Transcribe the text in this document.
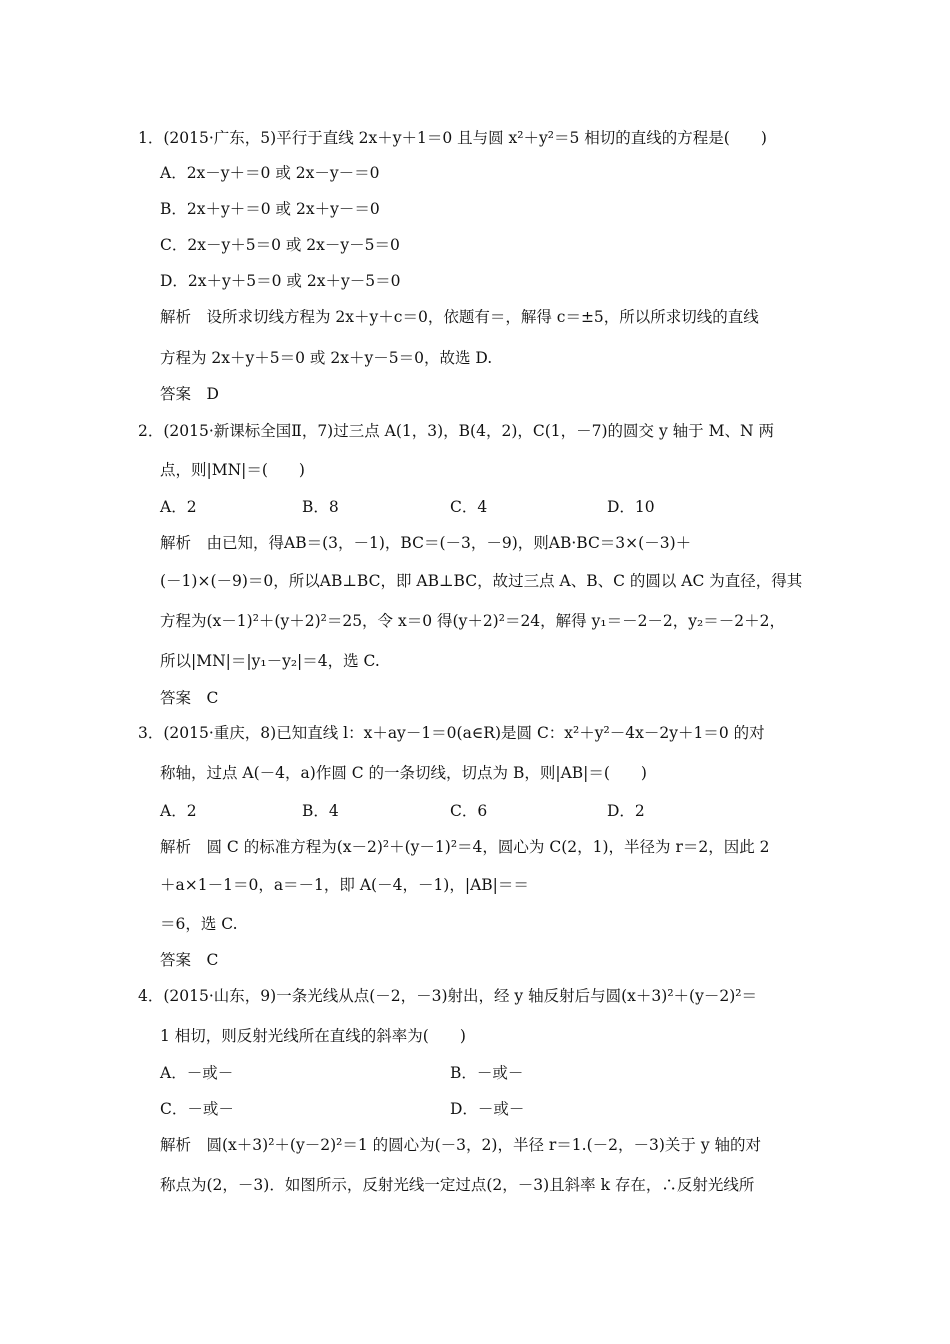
1．(2015·广东，5)平行于直线 2x＋y＋1＝0 且与圆 x²＋y²＝5 相切的直线的方程是(　　)
A．2x－y＋＝0 或 2x－y－＝0
B．2x＋y＋＝0 或 2x＋y－＝0
C．2x－y＋5＝0 或 2x－y－5＝0
D．2x＋y＋5＝0 或 2x＋y－5＝0
解析　设所求切线方程为 2x＋y＋c＝0，依题有＝，解得 c＝±5，所以所求切线的直线
方程为 2x＋y＋5＝0 或 2x＋y－5＝0，故选 D.
答案　D
2．(2015·新课标全国Ⅱ，7)过三点 A(1，3)，B(4，2)，C(1，－7)的圆交 y 轴于 M、N 两
点，则|MN|＝(　　)
A．2	B．8	C．4	D．10
解析　由已知，得AB＝(3，－1)，BC＝(－3，－9)，则AB·BC＝3×(－3)＋
(－1)×(－9)＝0，所以AB⊥BC，即 AB⊥BC，故过三点 A、B、C 的圆以 AC 为直径，得其
方程为(x－1)²＋(y＋2)²＝25，令 x＝0 得(y＋2)²＝24，解得 y₁＝－2－2，y₂＝－2＋2，
所以|MN|＝|y₁－y₂|＝4，选 C.
答案　C
3．(2015·重庆，8)已知直线 l：x＋ay－1＝0(a∈R)是圆 C：x²＋y²－4x－2y＋1＝0 的对
称轴，过点 A(－4，a)作圆 C 的一条切线，切点为 B，则|AB|＝(　　)
A．2	B．4	C．6	D．2
解析　圆 C 的标准方程为(x－2)²＋(y－1)²＝4，圆心为 C(2，1)，半径为 r＝2，因此 2
＋a×1－1＝0，a＝－1，即 A(－4，－1)，|AB|＝＝
＝6，选 C.
答案　C
4．(2015·山东，9)一条光线从点(－2，－3)射出，经 y 轴反射后与圆(x＋3)²＋(y－2)²＝
1 相切，则反射光线所在直线的斜率为(　　)
A．－或－	B．－或－
C．－或－	D．－或－
解析　圆(x＋3)²＋(y－2)²＝1 的圆心为(－3，2)，半径 r＝1.(－2，－3)关于 y 轴的对
称点为(2，－3)．如图所示，反射光线一定过点(2，－3)且斜率 k 存在，∴反射光线所
